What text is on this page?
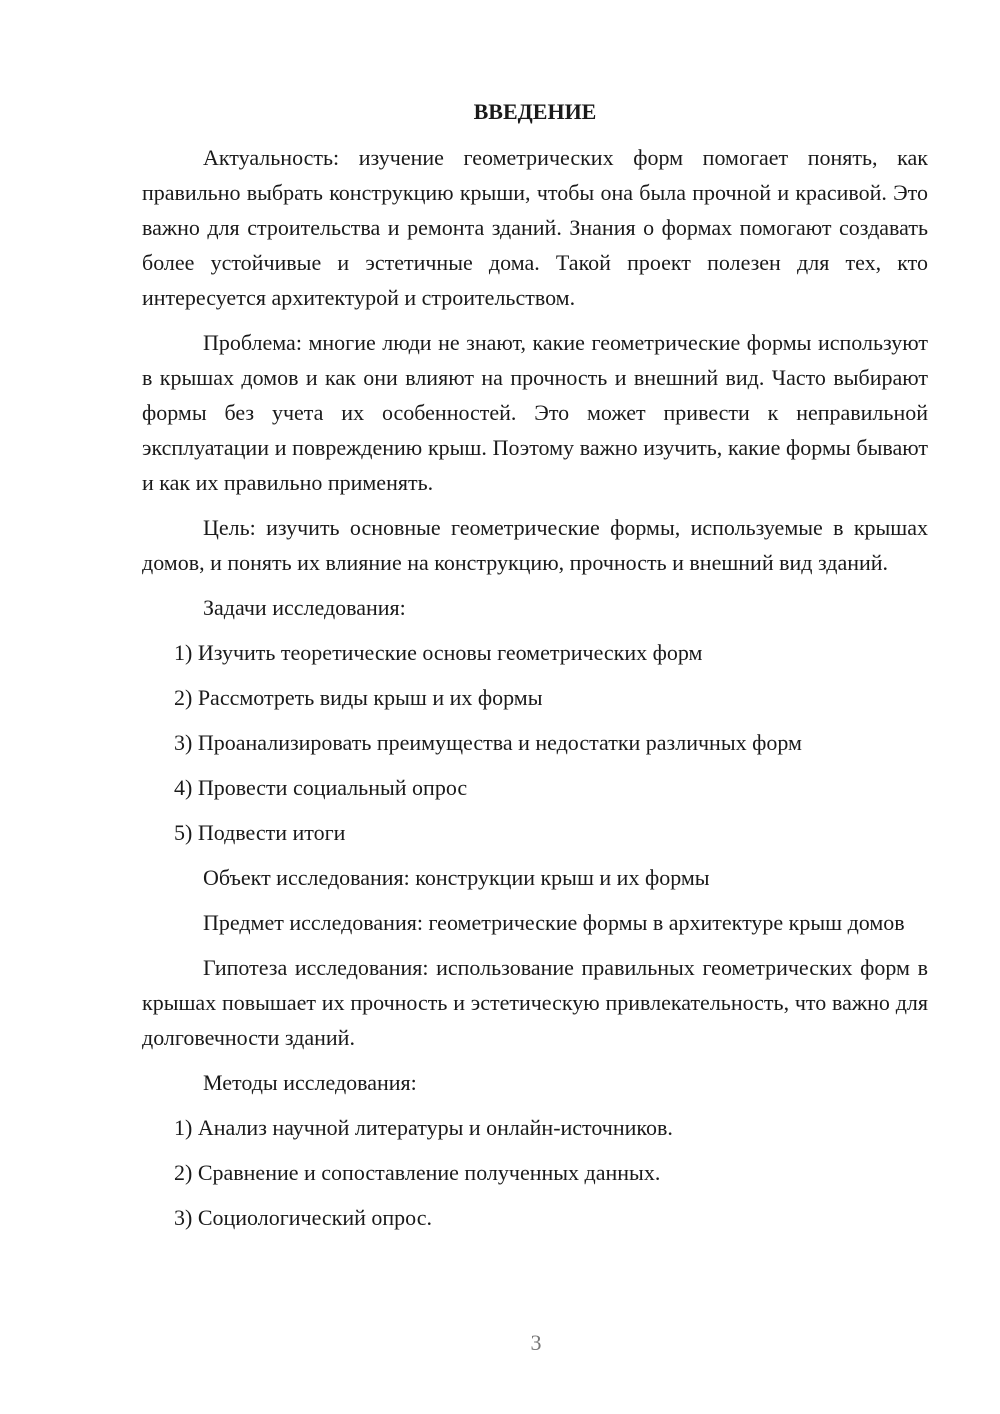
ВВЕДЕНИЕ

Актуальность: изучение геометрических форм помогает понять, как правильно выбрать конструкцию крыши, чтобы она была прочной и красивой. Это важно для строительства и ремонта зданий. Знания о формах помогают создавать более устойчивые и эстетичные дома. Такой проект полезен для тех, кто интересуется архитектурой и строительством.

Проблема: многие люди не знают, какие геометрические формы используют в крышах домов и как они влияют на прочность и внешний вид. Часто выбирают формы без учета их особенностей. Это может привести к неправильной эксплуатации и повреждению крыш. Поэтому важно изучить, какие формы бывают и как их правильно применять.

Цель: изучить основные геометрические формы, используемые в крышах домов, и понять их влияние на конструкцию, прочность и внешний вид зданий.

Задачи исследования:

1) Изучить теоретические основы геометрических форм
2) Рассмотреть виды крыш и их формы
3) Проанализировать преимущества и недостатки различных форм
4) Провести социальный опрос
5) Подвести итоги

Объект исследования: конструкции крыш и их формы

Предмет исследования: геометрические формы в архитектуре крыш домов

Гипотеза исследования: использование правильных геометрических форм в крышах повышает их прочность и эстетическую привлекательность, что важно для долговечности зданий.

Методы исследования:

1) Анализ научной литературы и онлайн-источников.
2) Сравнение и сопоставление полученных данных.
3) Социологический опрос.
3
